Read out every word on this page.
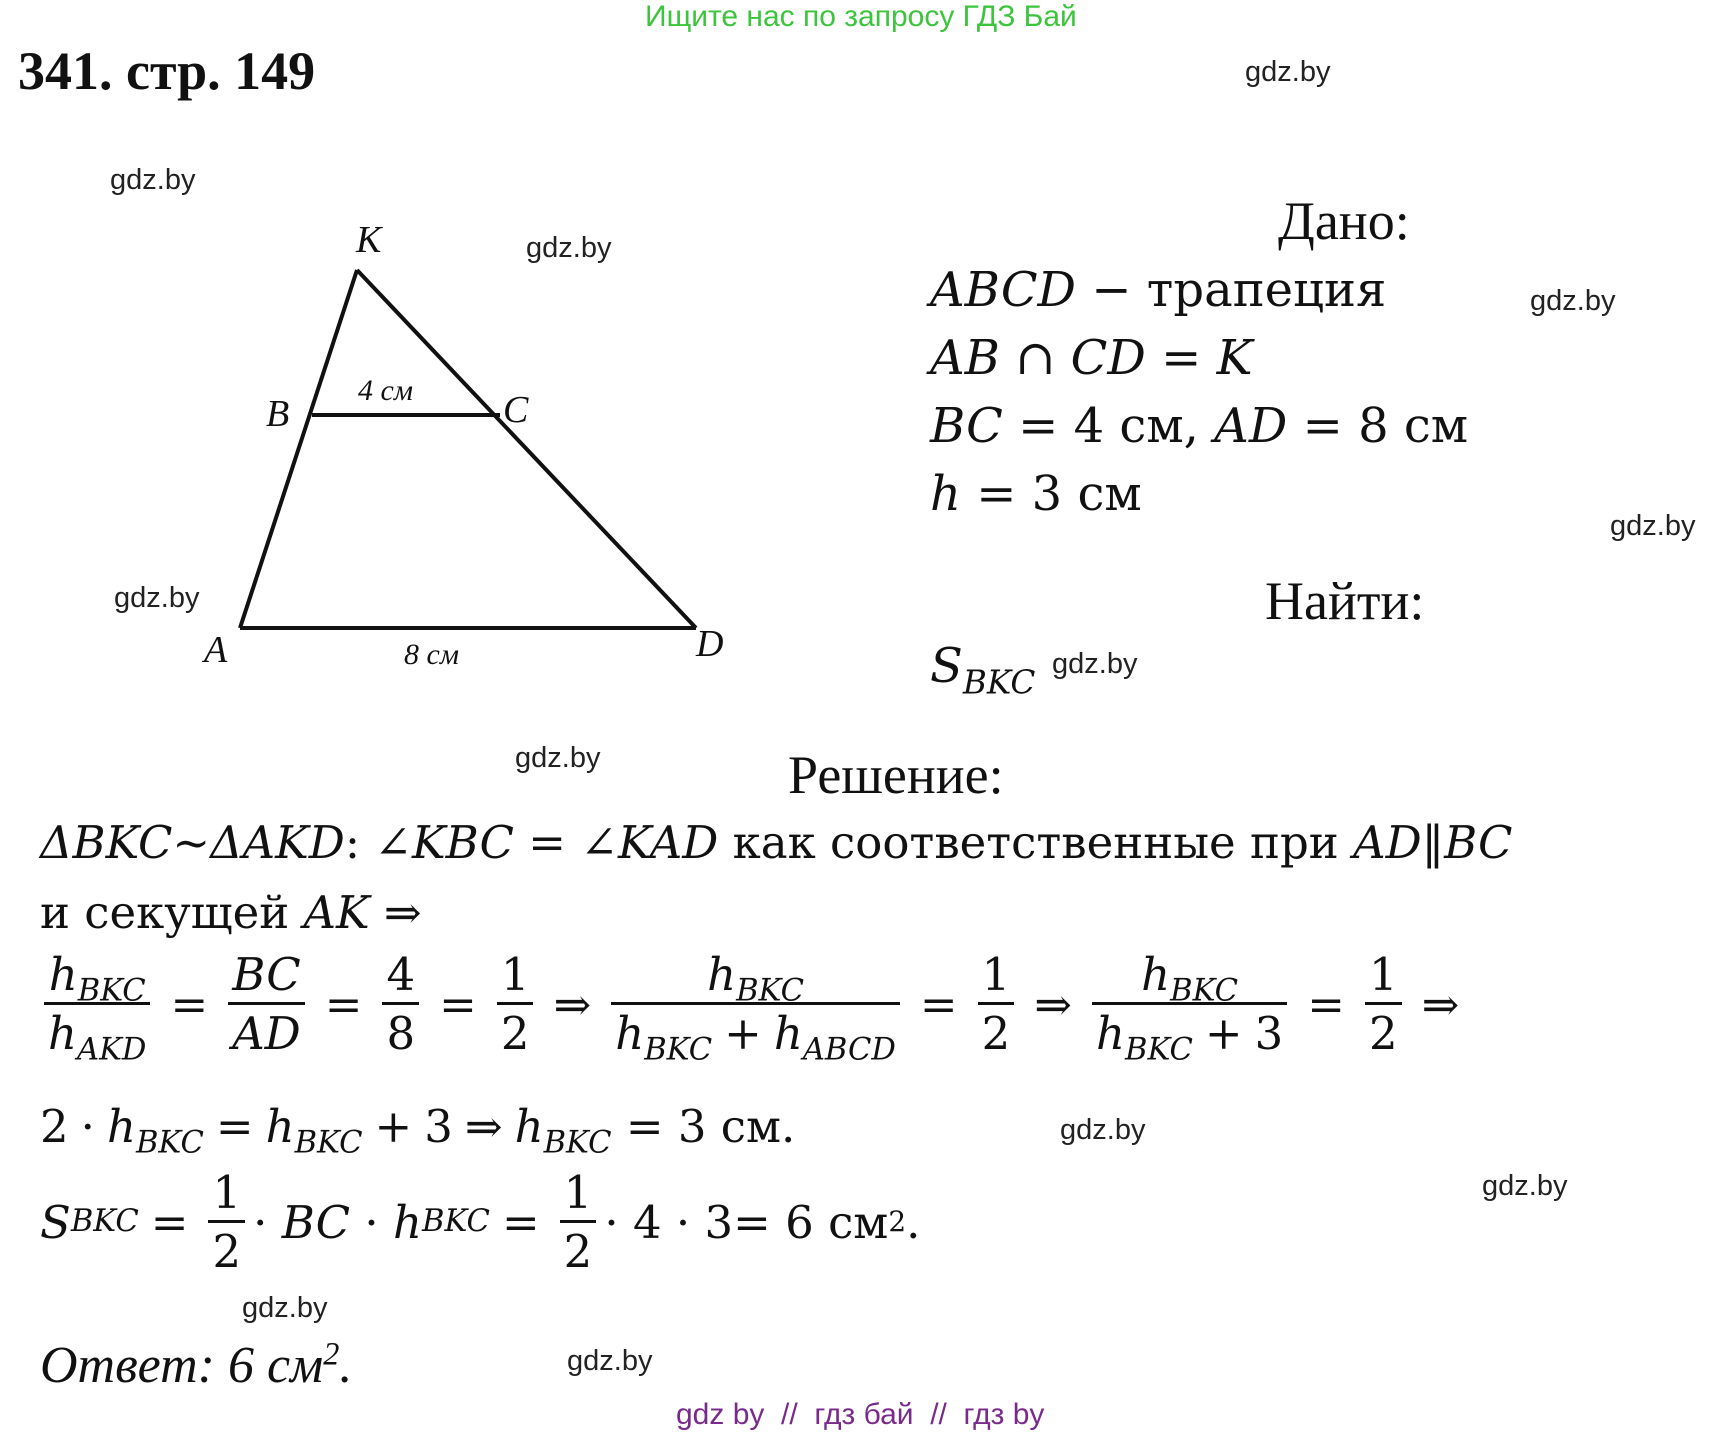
Ищите нас по запросу ГДЗ Бай
341. стр. 149	gdz.by
gdz.by
gdz.by
gdz.by
gdz.by
gdz.by
gdz.by
gdz.by
gdz.by
gdz.by
gdz.by
gdz.by
K
B	C
A	D
4 см
8 см
Дано:
ABCD − трапеция
AB ∩ CD = K
BC = 4 см, AD = 8 см
h = 3 см
Найти:
$S_{BKC}$
Решение:
ΔBKC~ΔAKD: ∠KBC = ∠KAD как соответственные при AD‖BC
и секущей AK ⇒
$\frac{h_{BKC}}{h_{AKD}} = \frac{BC}{AD} = \frac{4}{8} = \frac{1}{2}$ ⇒ $\frac{h_{BKC}}{h_{BKC} + h_{ABCD}} = \frac{1}{2}$ ⇒ $\frac{h_{BKC}}{h_{BKC} + 3} = \frac{1}{2}$ ⇒
$2 \cdot h_{BKC} = h_{BKC} + 3$ ⇒ $h_{BKC} = 3$ см.
S BKC = $\frac{1}{2}$ ·
BC
·
h BKC = $\frac{1}{2}$ ·
4
·
3 = 6 см 2 .
Ответ: 6 $см^2$.
gdz by  //  гдз бай  //  гдз by
